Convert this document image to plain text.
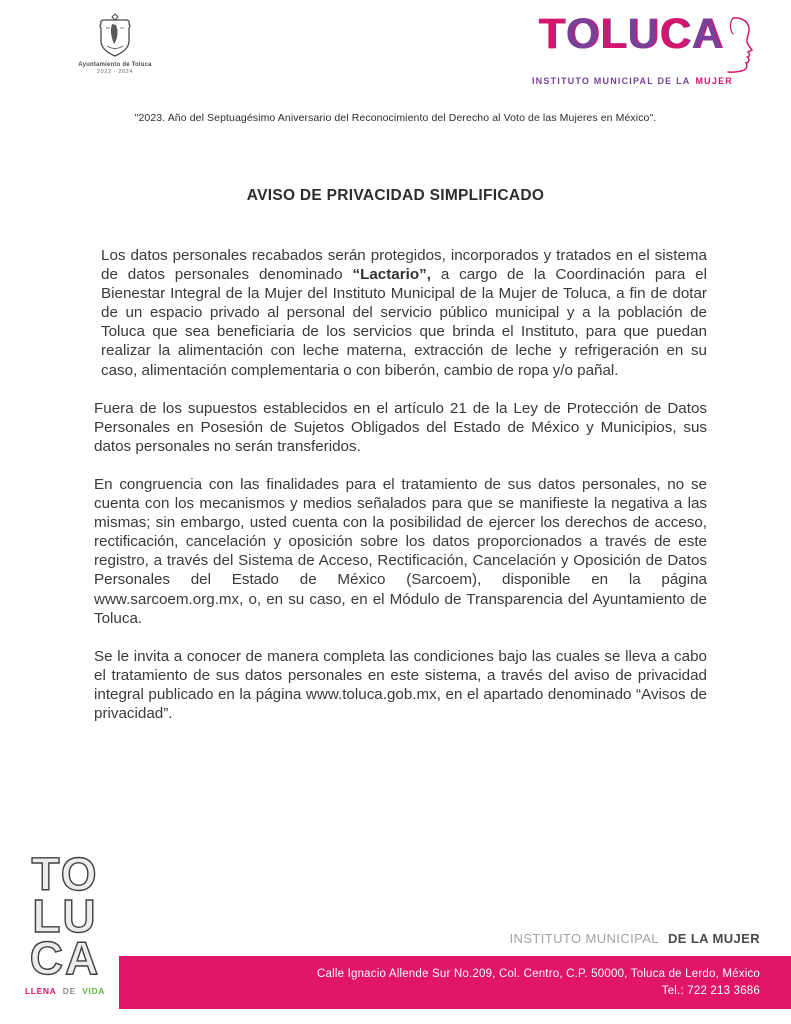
Ayuntamiento de Toluca
2022 - 2024
T O L U C A
INSTITUTO MUNICIPAL DE LA MUJER
"2023. Año del Septuagésimo Aniversario del Reconocimiento del Derecho al Voto de las Mujeres en México".
AVISO DE PRIVACIDAD SIMPLIFICADO

Los datos personales recabados serán protegidos, incorporados y tratados en el sistema de datos personales denominado “Lactario”, a cargo de la Coordinación para el Bienestar Integral de la Mujer del Instituto Municipal de la Mujer de Toluca, a fin de dotar de un espacio privado al personal del servicio público municipal y a la población de Toluca que sea beneficiaria de los servicios que brinda el Instituto, para que puedan realizar la alimentación con leche materna, extracción de leche y refrigeración en su caso, alimentación complementaria o con biberón, cambio de ropa y/o pañal.

Fuera de los supuestos establecidos en el artículo 21 de la Ley de Protección de Datos Personales en Posesión de Sujetos Obligados del Estado de México y Municipios, sus datos personales no serán transferidos.

En congruencia con las finalidades para el tratamiento de sus datos personales, no se cuenta con los mecanismos y medios señalados para que se manifieste la negativa a las mismas; sin embargo, usted cuenta con la posibilidad de ejercer los derechos de acceso, rectificación, cancelación y oposición sobre los datos proporcionados a través de este registro, a través del Sistema de Acceso, Rectificación, Cancelación y Oposición de Datos Personales del Estado de México (Sarcoem), disponible en la página www.sarcoem.org.mx, o, en su caso, en el Módulo de Transparencia del Ayuntamiento de Toluca.

Se le invita a conocer de manera completa las condiciones bajo las cuales se lleva a cabo el tratamiento de sus datos personales en este sistema, a través del aviso de privacidad integral publicado en la página www.toluca.gob.mx, en el apartado denominado “Avisos de privacidad”.

TO
LU
CA
LLENA DE VIDA
INSTITUTO MUNICIPAL DE LA MUJER
Calle Ignacio Allende Sur No.209, Col. Centro, C.P. 50000, Toluca de Lerdo, México
Tel.: 722 213 3686
